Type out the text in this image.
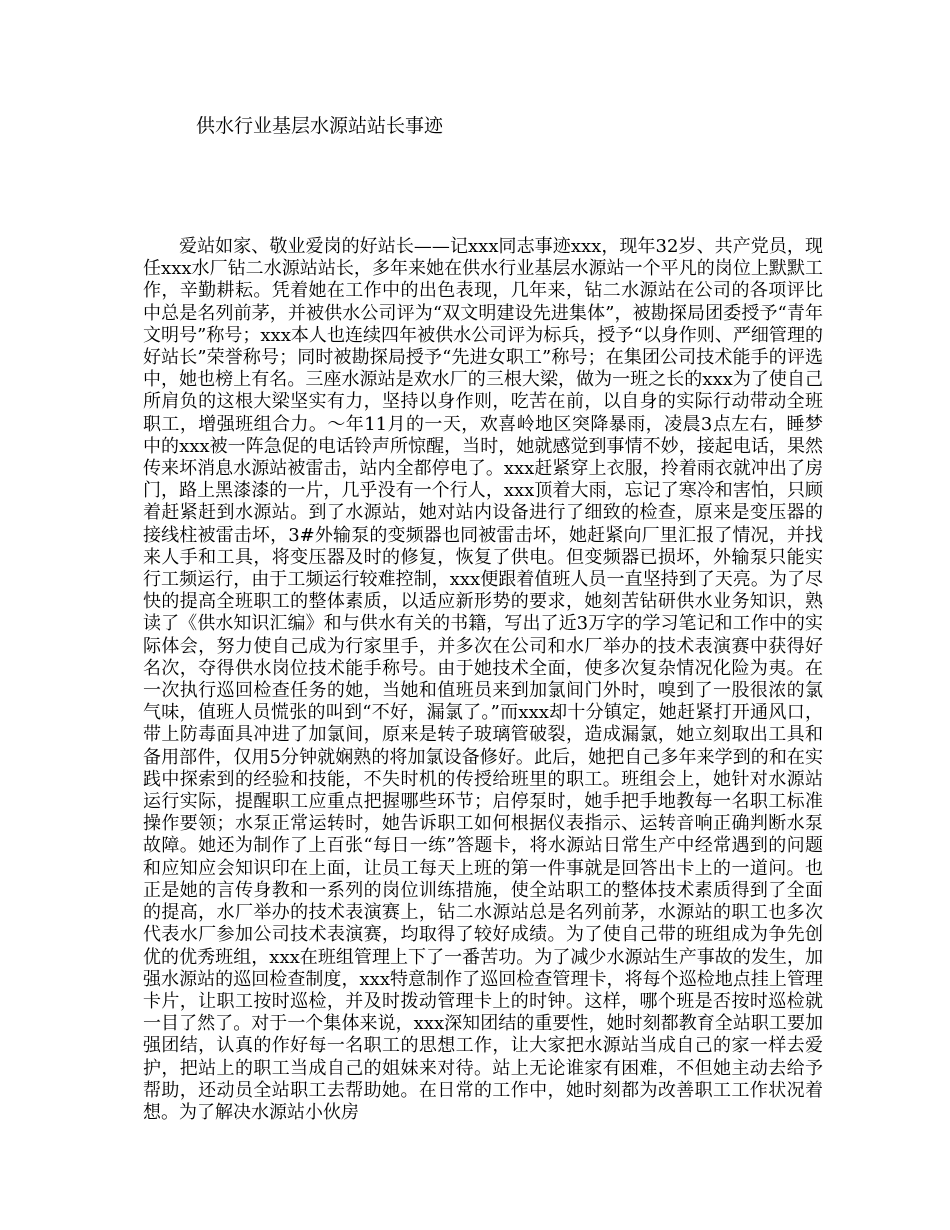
供水行业基层水源站站长事迹

爱站如家、敬业爱岗的好站长——记xxx同志事迹xxx，现年32岁、共产党员，现任xxx水厂钻二水源站站长，多年来她在供水行业基层水源站一个平凡的岗位上默默工作，辛勤耕耘。凭着她在工作中的出色表现，几年来，钻二水源站在公司的各项评比中总是名列前茅，并被供水公司评为“双文明建设先进集体”，被勘探局团委授予“青年文明号”称号；xxx本人也连续四年被供水公司评为标兵，授予“以身作则、严细管理的好站长”荣誉称号；同时被勘探局授予“先进女职工”称号；在集团公司技术能手的评选中，她也榜上有名。三座水源站是欢水厂的三根大梁，做为一班之长的xxx为了使自己所肩负的这根大梁坚实有力，坚持以身作则，吃苦在前，以自身的实际行动带动全班职工，增强班组合力。～年11月的一天，欢喜岭地区突降暴雨，凌晨3点左右，睡梦中的xxx被一阵急促的电话铃声所惊醒，当时，她就感觉到事情不妙，接起电话，果然传来坏消息水源站被雷击，站内全都停电了。xxx赶紧穿上衣服，拎着雨衣就冲出了房门，路上黑漆漆的一片，几乎没有一个行人，xxx顶着大雨，忘记了寒冷和害怕，只顾着赶紧赶到水源站。到了水源站，她对站内设备进行了细致的检查，原来是变压器的接线柱被雷击坏，3#外输泵的变频器也同被雷击坏，她赶紧向厂里汇报了情况，并找来人手和工具，将变压器及时的修复，恢复了供电。但变频器已损坏，外输泵只能实行工频运行，由于工频运行较难控制，xxx便跟着值班人员一直坚持到了天亮。为了尽快的提高全班职工的整体素质，以适应新形势的要求，她刻苦钻研供水业务知识，熟读了《供水知识汇编》和与供水有关的书籍，写出了近3万字的学习笔记和工作中的实际体会，努力使自己成为行家里手，并多次在公司和水厂举办的技术表演赛中获得好名次，夺得供水岗位技术能手称号。由于她技术全面，使多次复杂情况化险为夷。在一次执行巡回检查任务的她，当她和值班员来到加氯间门外时，嗅到了一股很浓的氯气味，值班人员慌张的叫到“不好，漏氯了。”而xxx却十分镇定，她赶紧打开通风口，带上防毒面具冲进了加氯间，原来是转子玻璃管破裂，造成漏氯，她立刻取出工具和备用部件，仅用5分钟就娴熟的将加氯设备修好。此后，她把自己多年来学到的和在实践中探索到的经验和技能，不失时机的传授给班里的职工。班组会上，她针对水源站运行实际，提醒职工应重点把握哪些环节；启停泵时，她手把手地教每一名职工标准操作要领；水泵正常运转时，她告诉职工如何根据仪表指示、运转音响正确判断水泵故障。她还为制作了上百张“每日一练”答题卡，将水源站日常生产中经常遇到的问题和应知应会知识印在上面，让员工每天上班的第一件事就是回答出卡上的一道问。也正是她的言传身教和一系列的岗位训练措施，使全站职工的整体技术素质得到了全面的提高，水厂举办的技术表演赛上，钻二水源站总是名列前茅，水源站的职工也多次代表水厂参加公司技术表演赛，均取得了较好成绩。为了使自己带的班组成为争先创优的优秀班组，xxx在班组管理上下了一番苦功。为了减少水源站生产事故的发生，加强水源站的巡回检查制度，xxx特意制作了巡回检查管理卡，将每个巡检地点挂上管理卡片，让职工按时巡检，并及时拨动管理卡上的时钟。这样，哪个班是否按时巡检就一目了然了。对于一个集体来说，xxx深知团结的重要性，她时刻都教育全站职工要加强团结，认真的作好每一名职工的思想工作，让大家把水源站当成自己的家一样去爱护，把站上的职工当成自己的姐妹来对待。站上无论谁家有困难，不但她主动去给予帮助，还动员全站职工去帮助她。在日常的工作中，她时刻都为改善职工工作状况着想。为了解决水源站小伙房
